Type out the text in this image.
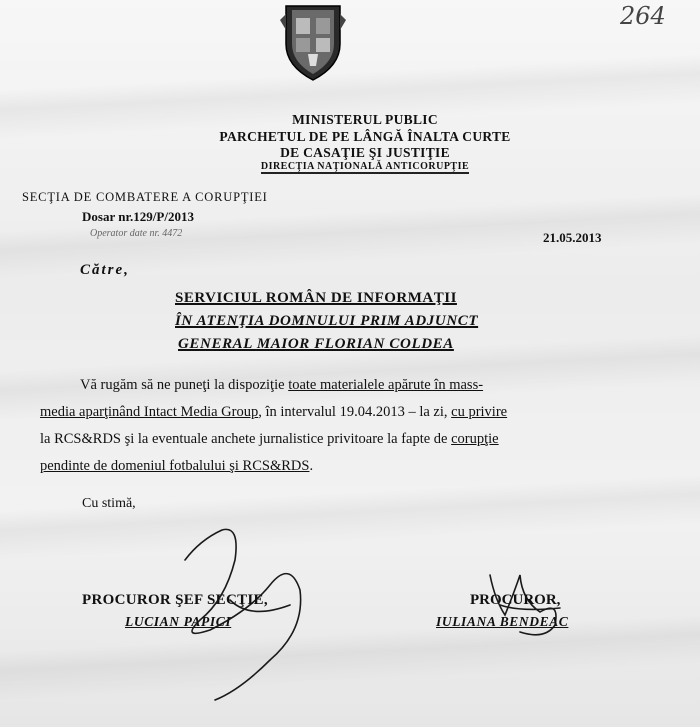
264
MINISTERUL PUBLIC
PARCHETUL DE PE LÂNGĂ ÎNALTA CURTE
DE CASAŢIE ŞI JUSTIŢIE
DIRECŢIA NAŢIONALĂ ANTICORUPŢIE
SECŢIA DE COMBATERE A CORUPŢIEI
Dosar nr.129/P/2013
Operator date nr. 4472	21.05.2013
Către,
SERVICIUL ROMÂN DE INFORMAŢII
ÎN ATENŢIA DOMNULUI PRIM ADJUNCT
GENERAL MAIOR FLORIAN COLDEA
Vă rugăm să ne puneţi la dispoziţie toate materialele apărute în mass-
media aparţinând Intact Media Group, în intervalul 19.04.2013 – la zi, cu privire
la RCS&RDS şi la eventuale anchete jurnalistice privitoare la fapte de corupţie
pendinte de domeniul fotbalului şi RCS&RDS.
Cu stimă,
PROCUROR ŞEF SECŢIE,	PROCUROR,
LUCIAN PAPICI	IULIANA BENDEAC
